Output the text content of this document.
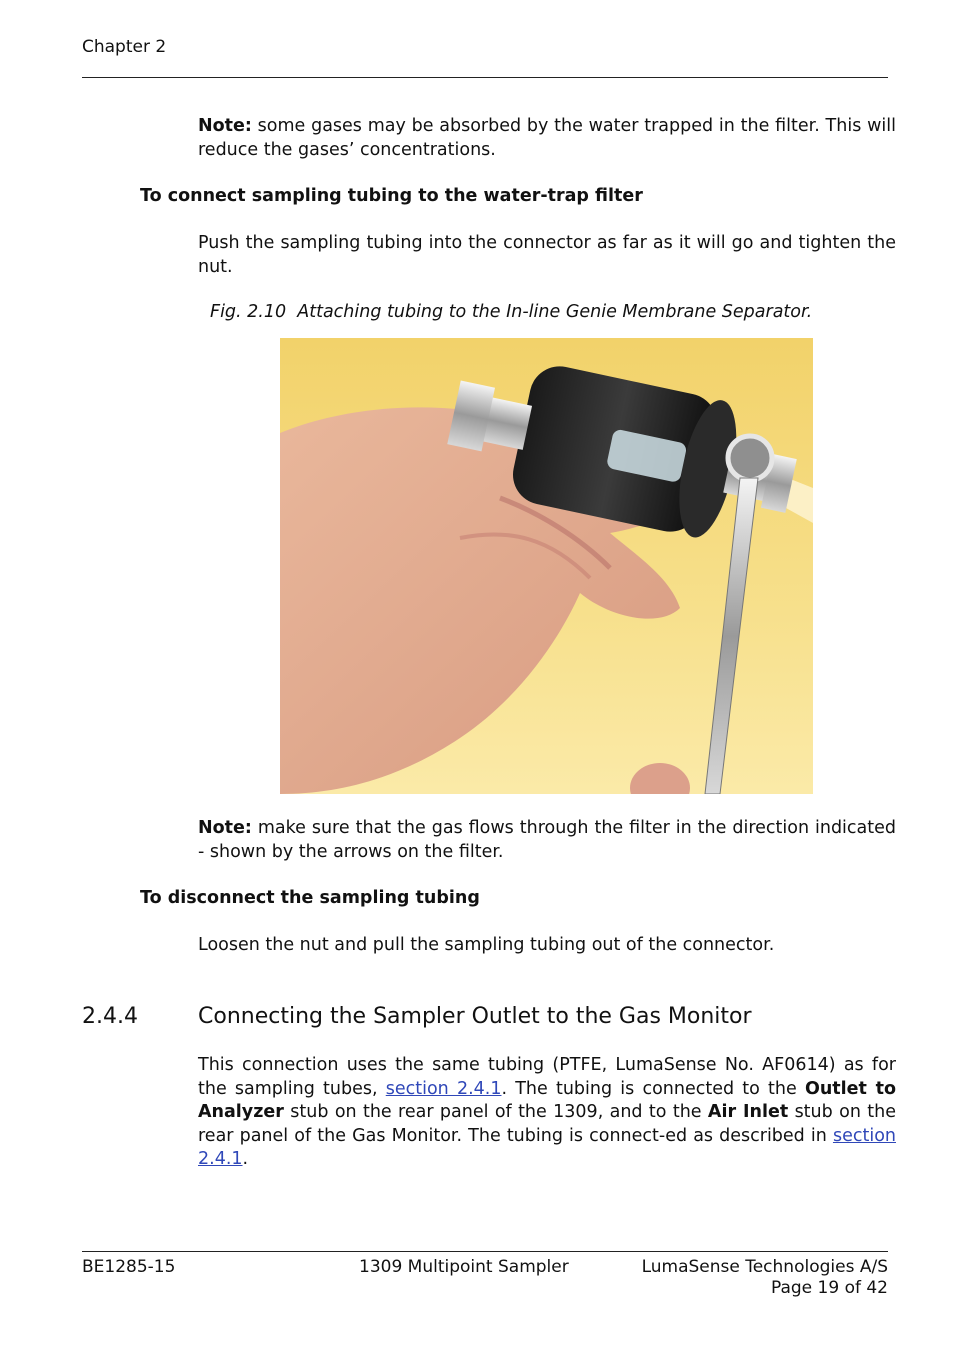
Chapter 2
Note: some gases may be absorbed by the water trapped in the filter. This will reduce the gases’ concentrations.
To connect sampling tubing to the water-trap filter
Push the sampling tubing into the connector as far as it will go and tighten the nut.
Fig. 2.10  Attaching tubing to the In-line Genie Membrane Separator.
Note: make sure that the gas flows through the filter in the direction indicated - shown by the arrows on the filter.
To disconnect the sampling tubing
Loosen the nut and pull the sampling tubing out of the connector.
2.4.4	Connecting the Sampler Outlet to the Gas Monitor
This connection uses the same tubing (PTFE, LumaSense No. AF0614) as for the sampling tubes, section 2.4.1. The tubing is connected to the Outlet to Analyzer stub on the rear panel of the 1309, and to the Air Inlet stub on the rear panel of the Gas Monitor. The tubing is connect-ed as described in section 2.4.1.
BE1285-15	1309 Multipoint Sampler	LumaSense Technologies A/S
Page 19 of 42
